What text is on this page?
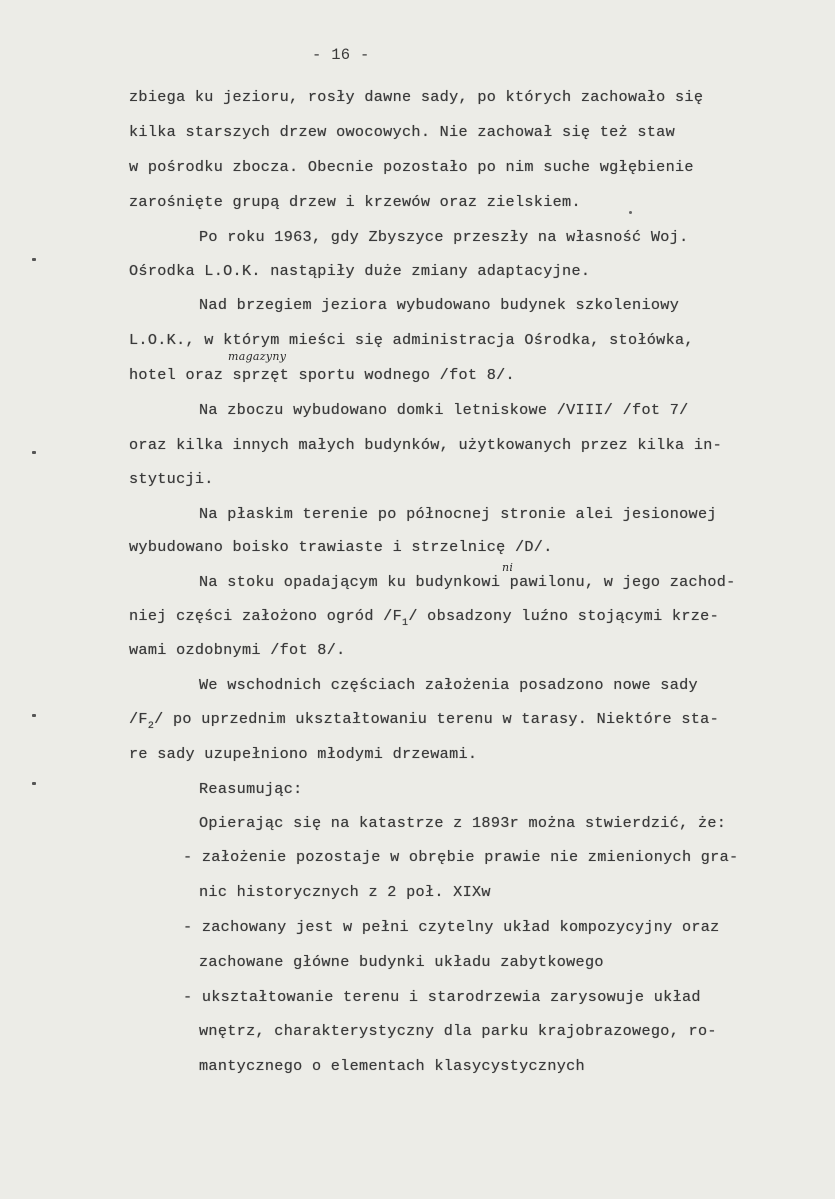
- 16 -
zbiega ku jezioru, rosły dawne sady, po których zachowało się
kilka starszych drzew owocowych. Nie zachował się też staw
w pośrodku zbocza. Obecnie pozostało po nim suche wgłębienie
zarośnięte grupą drzew i krzewów oraz zielskiem.
Po roku 1963, gdy Zbyszyce przeszły na własność Woj.
Ośrodka L.O.K. nastąpiły duże zmiany adaptacyjne.
Nad brzegiem jeziora wybudowano budynek szkoleniowy
L.O.K., w którym mieści się administracja Ośrodka, stołówka,
magazyny
hotel oraz sprzęt sportu wodnego /fot 8/.
Na zboczu wybudowano domki letniskowe /VIII/ /fot 7/
oraz kilka innych małych budynków, użytkowanych przez kilka in-
stytucji.
Na płaskim terenie po północnej stronie alei jesionowej
wybudowano boisko trawiaste i strzelnicę /D/.
ni
Na stoku opadającym ku budynkowi pawilonu, w jego zachod-
niej części założono ogród $/F_1/$ obsadzony luźno stojącymi krze-
wami ozdobnymi /fot 8/.
We wschodnich częściach założenia posadzono nowe sady
$/F_2/$ po uprzednim ukształtowaniu terenu w tarasy. Niektóre sta-
re sady uzupełniono młodymi drzewami.
Reasumując:
Opierając się na katastrze z 1893r można stwierdzić, że:
- założenie pozostaje w obrębie prawie nie zmienionych gra-
nic historycznych z 2 poł. XIXw
- zachowany jest w pełni czytelny układ kompozycyjny oraz
zachowane główne budynki układu zabytkowego
- ukształtowanie terenu i starodrzewia zarysowuje układ
wnętrz, charakterystyczny dla parku krajobrazowego, ro-
mantycznego o elementach klasycystycznych
